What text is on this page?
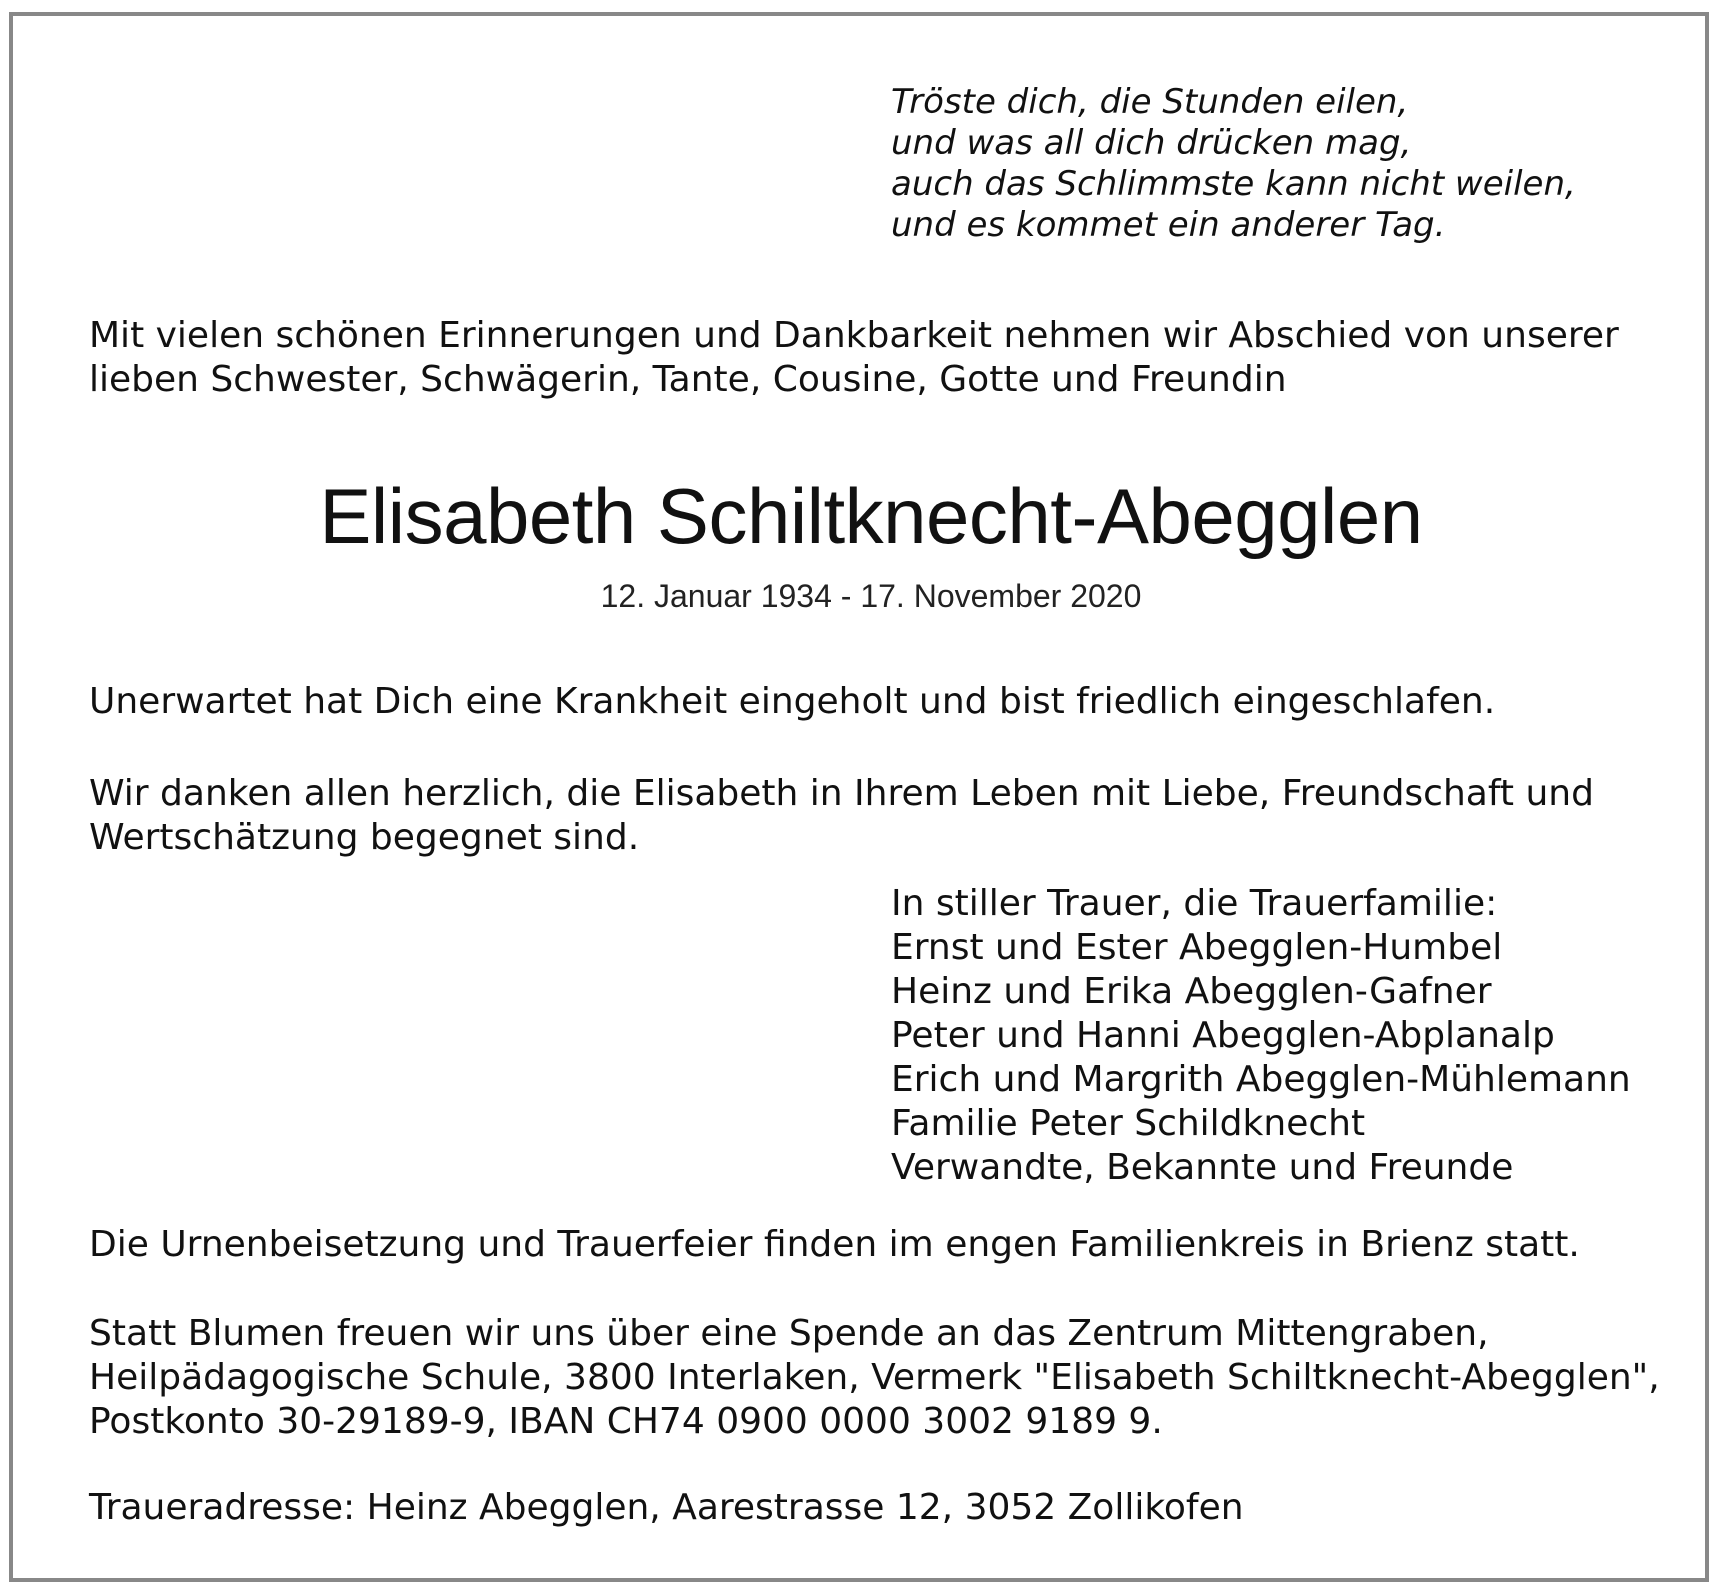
Tröste dich, die Stunden eilen,
und was all dich drücken mag,
auch das Schlimmste kann nicht weilen,
und es kommet ein anderer Tag.
Mit vielen schönen Erinnerungen und Dankbarkeit nehmen wir Abschied von unserer
lieben Schwester, Schwägerin, Tante, Cousine, Gotte und Freundin
Elisabeth Schiltknecht-Abegglen
12. Januar 1934 - 17. November 2020
Unerwartet hat Dich eine Krankheit eingeholt und bist friedlich eingeschlafen.
Wir danken allen herzlich, die Elisabeth in Ihrem Leben mit Liebe, Freundschaft und
Wertschätzung begegnet sind.
In stiller Trauer, die Trauerfamilie:
Ernst und Ester Abegglen-Humbel
Heinz und Erika Abegglen-Gafner
Peter und Hanni Abegglen-Abplanalp
Erich und Margrith Abegglen-Mühlemann
Familie Peter Schildknecht
Verwandte, Bekannte und Freunde
Die Urnenbeisetzung und Trauerfeier finden im engen Familienkreis in Brienz statt.
Statt Blumen freuen wir uns über eine Spende an das Zentrum Mittengraben,
Heilpädagogische Schule, 3800 Interlaken, Vermerk "Elisabeth Schiltknecht-Abegglen",
Postkonto 30-29189-9, IBAN CH74 0900 0000 3002 9189 9.
Traueradresse: Heinz Abegglen, Aarestrasse 12, 3052 Zollikofen
